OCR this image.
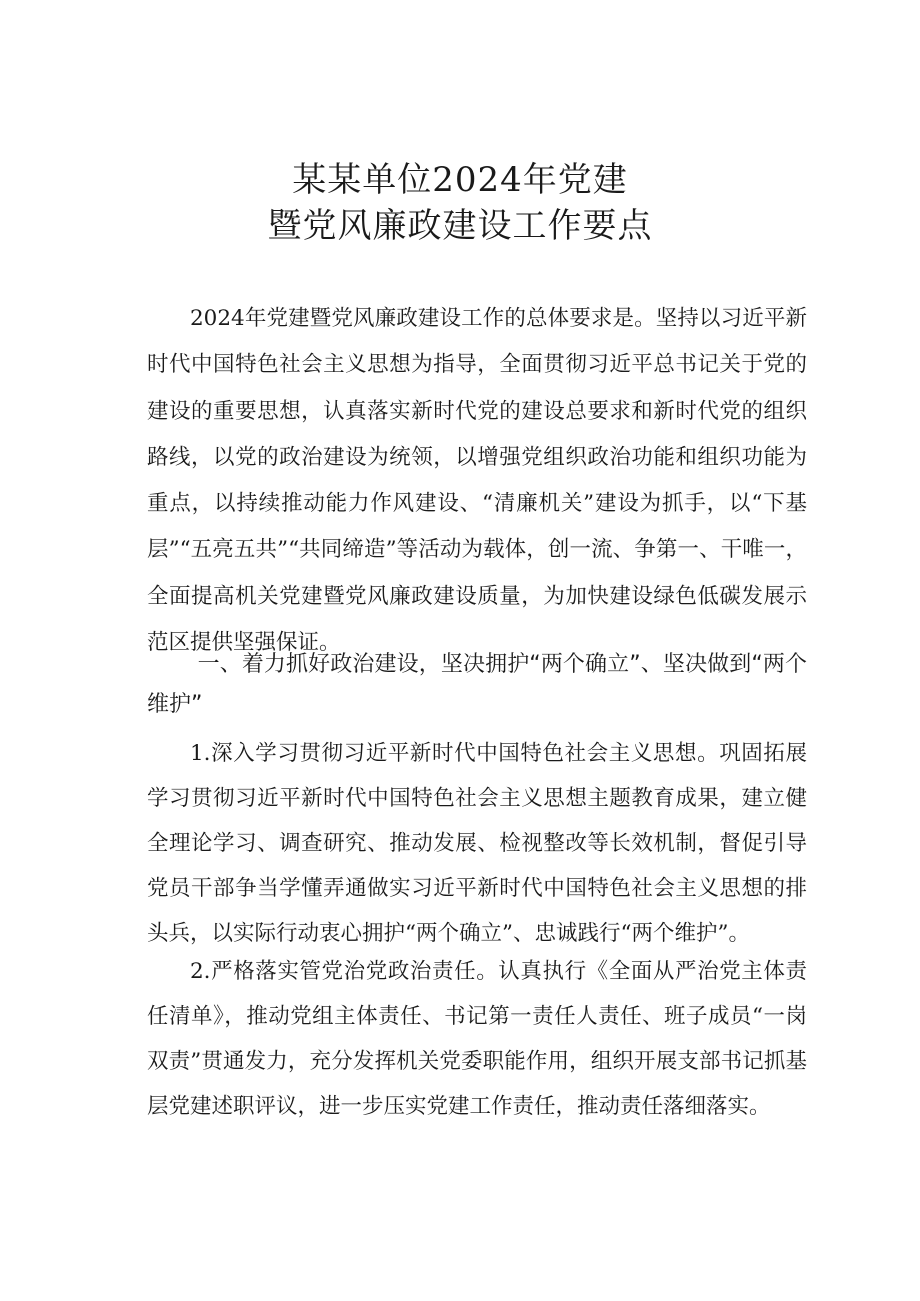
某某单位2024年党建
暨党风廉政建设工作要点

2024年党建暨党风廉政建设工作的总体要求是。坚持以习近平新时代中国特色社会主义思想为指导，全面贯彻习近平总书记关于党的建设的重要思想，认真落实新时代党的建设总要求和新时代党的组织路线，以党的政治建设为统领，以增强党组织政治功能和组织功能为重点，以持续推动能力作风建设、“清廉机关”建设为抓手，以“下基层”“五亮五共”“共同缔造”等活动为载体，创一流、争第一、干唯一，全面提高机关党建暨党风廉政建设质量，为加快建设绿色低碳发展示范区提供坚强保证。

一、着力抓好政治建设，坚决拥护“两个确立”、坚决做到“两个维护”

1.深入学习贯彻习近平新时代中国特色社会主义思想。巩固拓展学习贯彻习近平新时代中国特色社会主义思想主题教育成果，建立健全理论学习、调查研究、推动发展、检视整改等长效机制，督促引导党员干部争当学懂弄通做实习近平新时代中国特色社会主义思想的排头兵，以实际行动衷心拥护“两个确立”、忠诚践行“两个维护”。

2.严格落实管党治党政治责任。认真执行《全面从严治党主体责任清单》，推动党组主体责任、书记第一责任人责任、班子成员“一岗双责”贯通发力，充分发挥机关党委职能作用，组织开展支部书记抓基层党建述职评议，进一步压实党建工作责任，推动责任落细落实。
